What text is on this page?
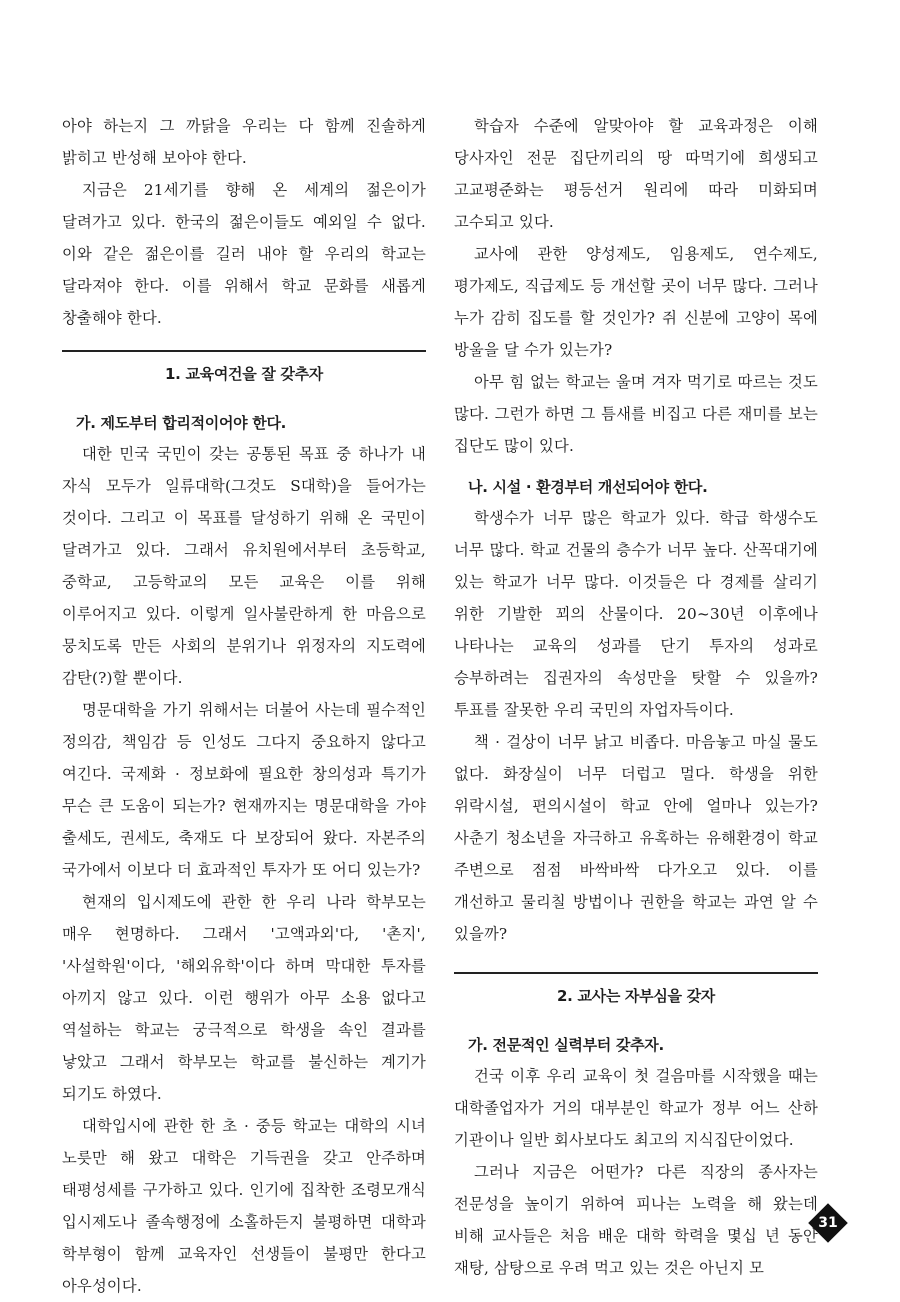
아야 하는지 그 까닭을 우리는 다 함께 진솔하게 밝히고 반성해 보아야 한다.

지금은 21세기를 향해 온 세계의 젊은이가 달려가고 있다. 한국의 젊은이들도 예외일 수 없다. 이와 같은 젊은이를 길러 내야 할 우리의 학교는 달라져야 한다. 이를 위해서 학교 문화를 새롭게 창출해야 한다.

1. 교육여건을 잘 갖추자
가. 제도부터 합리적이어야 한다.

대한 민국 국민이 갖는 공통된 목표 중 하나가 내 자식 모두가 일류대학(그것도 S대학)을 들어가는 것이다. 그리고 이 목표를 달성하기 위해 온 국민이 달려가고 있다. 그래서 유치원에서부터 초등학교, 중학교, 고등학교의 모든 교육은 이를 위해 이루어지고 있다. 이렇게 일사불란하게 한 마음으로 뭉치도록 만든 사회의 분위기나 위정자의 지도력에 감탄(?)할 뿐이다.

명문대학을 가기 위해서는 더불어 사는데 필수적인 정의감, 책임감 등 인성도 그다지 중요하지 않다고 여긴다. 국제화 · 정보화에 필요한 창의성과 특기가 무슨 큰 도움이 되는가? 현재까지는 명문대학을 가야 출세도, 권세도, 축재도 다 보장되어 왔다. 자본주의 국가에서 이보다 더 효과적인 투자가 또 어디 있는가?

현재의 입시제도에 관한 한 우리 나라 학부모는 매우 현명하다. 그래서 '고액과외'다, '촌지', '사설학원'이다, '해외유학'이다 하며 막대한 투자를 아끼지 않고 있다. 이런 행위가 아무 소용 없다고 역설하는 학교는 궁극적으로 학생을 속인 결과를 낳았고 그래서 학부모는 학교를 불신하는 계기가 되기도 하였다.

대학입시에 관한 한 초 · 중등 학교는 대학의 시녀 노릇만 해 왔고 대학은 기득권을 갖고 안주하며 태평성세를 구가하고 있다. 인기에 집착한 조령모개식 입시제도나 졸속행정에 소홀하든지 불평하면 대학과 학부형이 함께 교육자인 선생들이 불평만 한다고 아우성이다.

학습자 수준에 알맞아야 할 교육과정은 이해 당사자인 전문 집단끼리의 땅 따먹기에 희생되고 고교평준화는 평등선거 원리에 따라 미화되며 고수되고 있다.

교사에 관한 양성제도, 임용제도, 연수제도, 평가제도, 직급제도 등 개선할 곳이 너무 많다. 그러나 누가 감히 집도를 할 것인가? 쥐 신분에 고양이 목에 방울을 달 수가 있는가?

아무 힘 없는 학교는 울며 겨자 먹기로 따르는 것도 많다. 그런가 하면 그 틈새를 비집고 다른 재미를 보는 집단도 많이 있다.

나. 시설 · 환경부터 개선되어야 한다.

학생수가 너무 많은 학교가 있다. 학급 학생수도 너무 많다. 학교 건물의 층수가 너무 높다. 산꼭대기에 있는 학교가 너무 많다. 이것들은 다 경제를 살리기 위한 기발한 꾀의 산물이다. 20~30년 이후에나 나타나는 교육의 성과를 단기 투자의 성과로 승부하려는 집권자의 속성만을 탓할 수 있을까? 투표를 잘못한 우리 국민의 자업자득이다.

책 · 걸상이 너무 낡고 비좁다. 마음놓고 마실 물도 없다. 화장실이 너무 더럽고 멀다. 학생을 위한 위락시설, 편의시설이 학교 안에 얼마나 있는가? 사춘기 청소년을 자극하고 유혹하는 유해환경이 학교 주변으로 점점 바싹바싹 다가오고 있다. 이를 개선하고 물리칠 방법이나 권한을 학교는 과연 알 수 있을까?

2. 교사는 자부심을 갖자
가. 전문적인 실력부터 갖추자.

건국 이후 우리 교육이 첫 걸음마를 시작했을 때는 대학졸업자가 거의 대부분인 학교가 정부 어느 산하 기관이나 일반 회사보다도 최고의 지식집단이었다.

그러나 지금은 어떤가? 다른 직장의 종사자는 전문성을 높이기 위하여 피나는 노력을 해 왔는데 비해 교사들은 처음 배운 대학 학력을 몇십 년 동안 재탕, 삼탕으로 우려 먹고 있는 것은 아닌지 모

31
